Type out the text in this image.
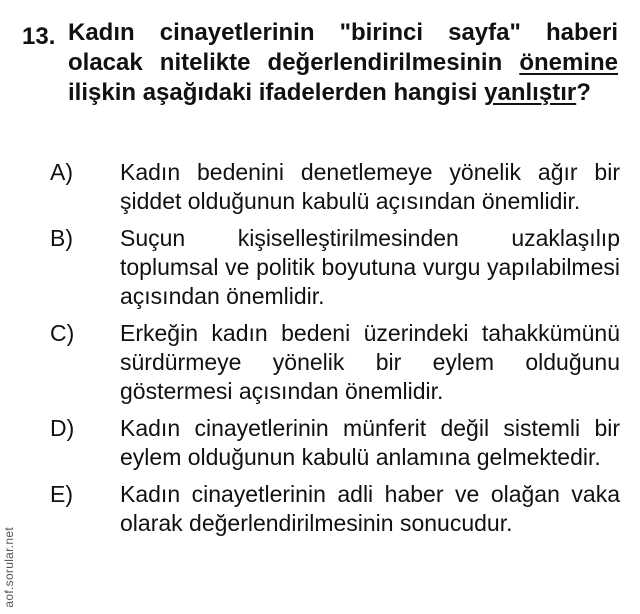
13. Kadın cinayetlerinin "birinci sayfa" haberi olacak nitelikte değerlendirilmesinin önemine ilişkin aşağıdaki ifadelerden hangisi yanlıştır?
A)	Kadın bedenini denetlemeye yönelik ağır bir şiddet olduğunun kabulü açısından önemlidir.
B)	Suçun kişiselleştirilmesinden uzaklaşılıp toplumsal ve politik boyutuna vurgu yapılabilmesi açısından önemlidir.
C)	Erkeğin kadın bedeni üzerindeki tahakkümünü sürdürmeye yönelik bir eylem olduğunu göstermesi açısından önemlidir.
D)	Kadın cinayetlerinin münferit değil sistemli bir eylem olduğunun kabulü anlamına gelmektedir.
E)	Kadın cinayetlerinin adli haber ve olağan vaka olarak değerlendirilmesinin sonucudur.
aof.sorular.net
